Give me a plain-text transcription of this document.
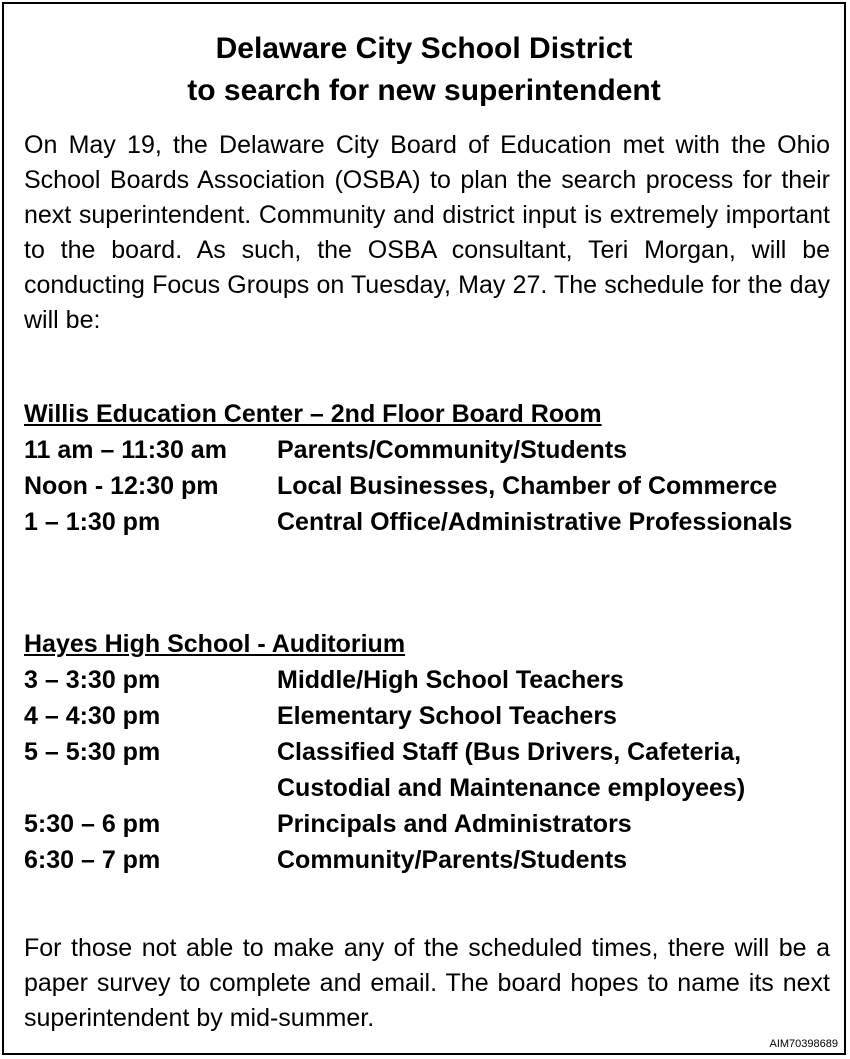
Delaware City School District
to search for new superintendent
On May 19, the Delaware City Board of Education met with the Ohio School Boards Association (OSBA) to plan the search process for their next superintendent. Community and district input is extremely important to the board. As such, the OSBA consultant, Teri Morgan, will be conducting Focus Groups on Tuesday, May 27. The schedule for the day will be:
Willis Education Center – 2nd Floor Board Room
11 am – 11:30 am	Parents/Community/Students
Noon - 12:30 pm	Local Businesses, Chamber of Commerce
1 – 1:30 pm	Central Office/Administrative Professionals
Hayes High School - Auditorium
3 – 3:30 pm	Middle/High School Teachers
4 – 4:30 pm	Elementary School Teachers
5 – 5:30 pm	Classified Staff (Bus Drivers, Cafeteria, Custodial and Maintenance employees)
5:30 – 6 pm	Principals and Administrators
6:30 – 7 pm	Community/Parents/Students
For those not able to make any of the scheduled times, there will be a paper survey to complete and email. The board hopes to name its next superintendent by mid-summer.
AIM70398689
